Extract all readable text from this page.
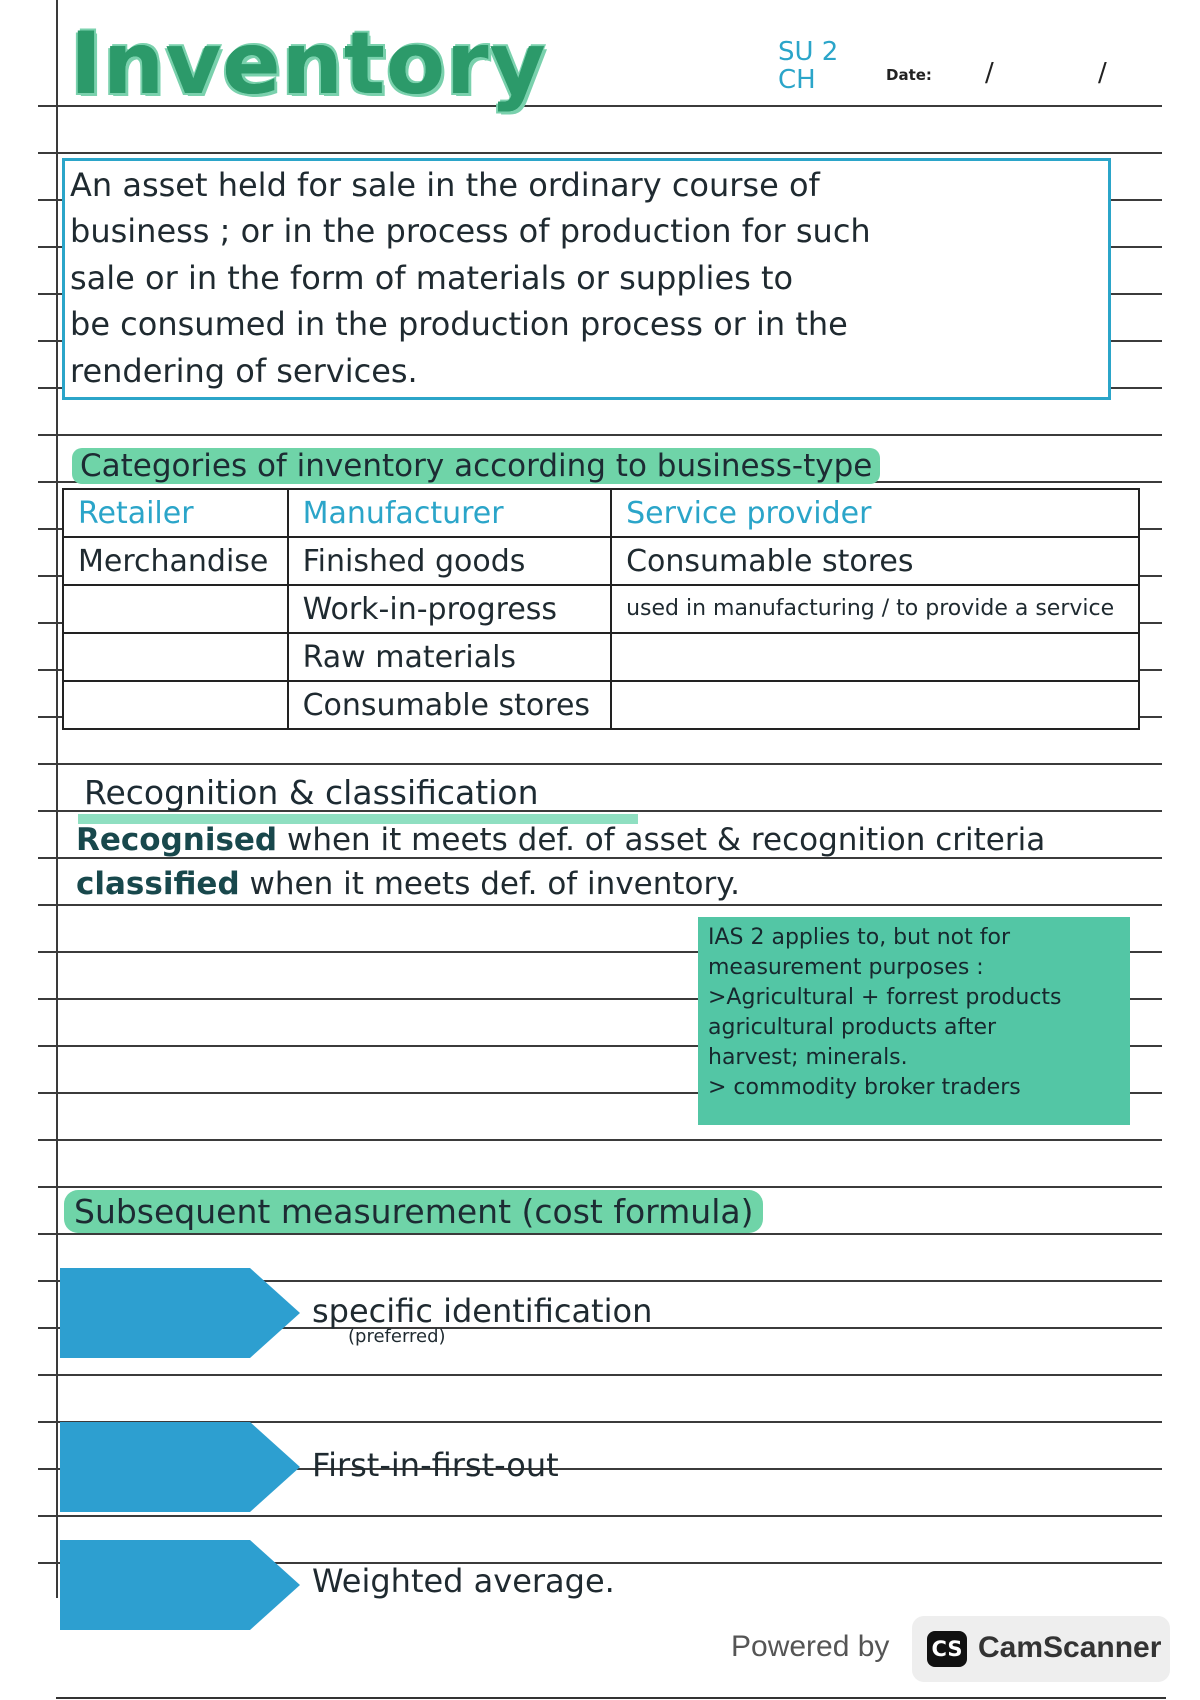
Inventory	SU 2
CH	Date: / /
An asset held for sale in the ordinary course of
business ; or in the process of production for such
sale or in the form of materials or supplies to
be consumed in the production process or in the
rendering of services.
Categories of inventory according to business-type
Retailer	Manufacturer	Service provider
Merchandise	Finished goods	Consumable stores
	Work-in-progress	used in manufacturing / to provide a service
	Raw materials	
	Consumable stores	
Recognition & classification
Recognised when it meets def. of asset & recognition criteria
classified when it meets def. of inventory.
IAS 2 applies to, but not for
measurement purposes :
>Agricultural + forrest products
agricultural products after
harvest; minerals.
> commodity broker traders
Subsequent measurement (cost formula)
specific identification
(preferred)
First-in-first-out
Weighted average.
Powered by CS CamScanner
